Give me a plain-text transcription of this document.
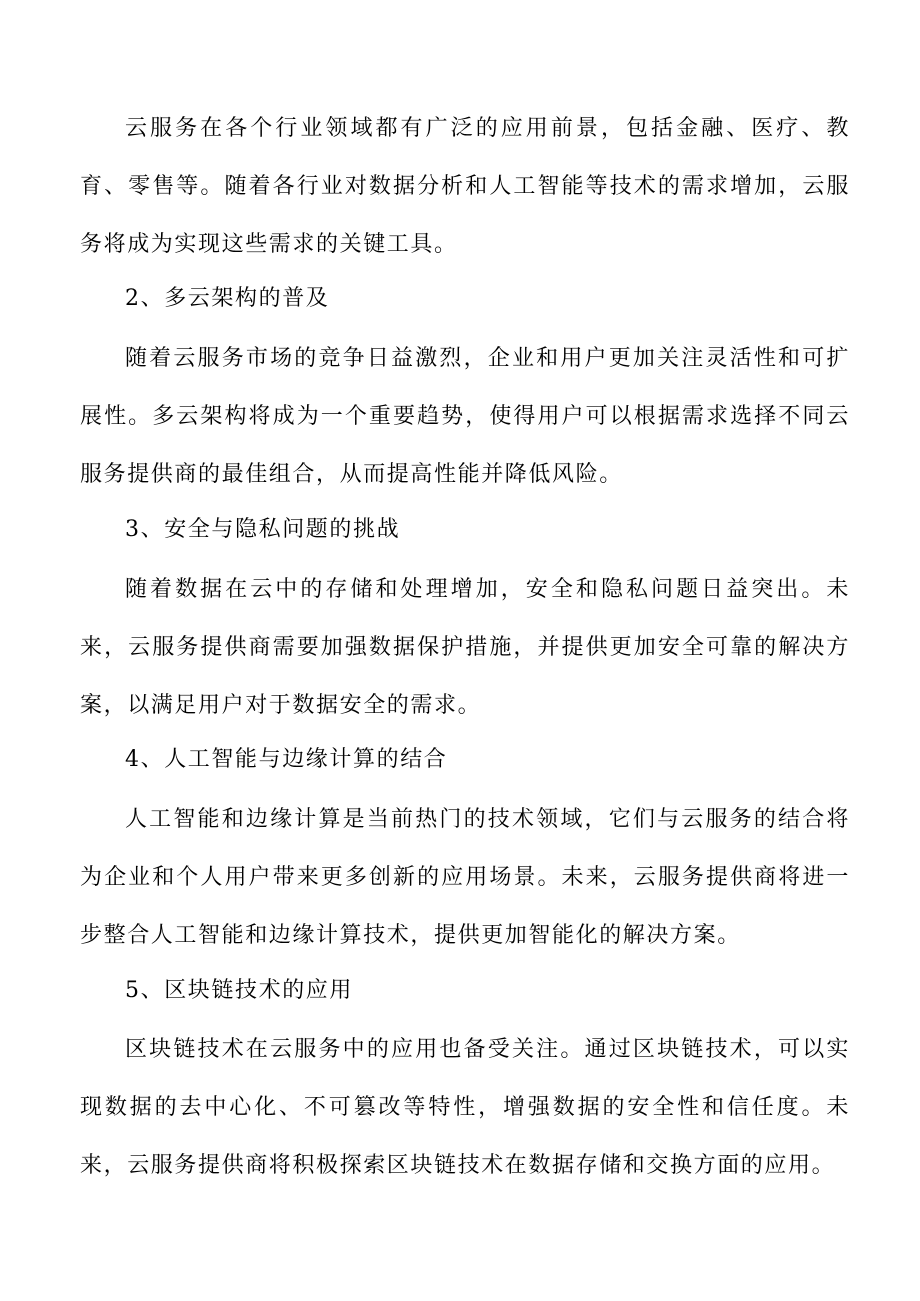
云服务在各个行业领域都有广泛的应用前景，包括金融、医疗、教育、零售等。随着各行业对数据分析和人工智能等技术的需求增加，云服务将成为实现这些需求的关键工具。

2、多云架构的普及

随着云服务市场的竞争日益激烈，企业和用户更加关注灵活性和可扩展性。多云架构将成为一个重要趋势，使得用户可以根据需求选择不同云服务提供商的最佳组合，从而提高性能并降低风险。

3、安全与隐私问题的挑战

随着数据在云中的存储和处理增加，安全和隐私问题日益突出。未来，云服务提供商需要加强数据保护措施，并提供更加安全可靠的解决方案，以满足用户对于数据安全的需求。

4、人工智能与边缘计算的结合

人工智能和边缘计算是当前热门的技术领域，它们与云服务的结合将为企业和个人用户带来更多创新的应用场景。未来，云服务提供商将进一步整合人工智能和边缘计算技术，提供更加智能化的解决方案。

5、区块链技术的应用

区块链技术在云服务中的应用也备受关注。通过区块链技术，可以实现数据的去中心化、不可篡改等特性，增强数据的安全性和信任度。未来，云服务提供商将积极探索区块链技术在数据存储和交换方面的应用。
